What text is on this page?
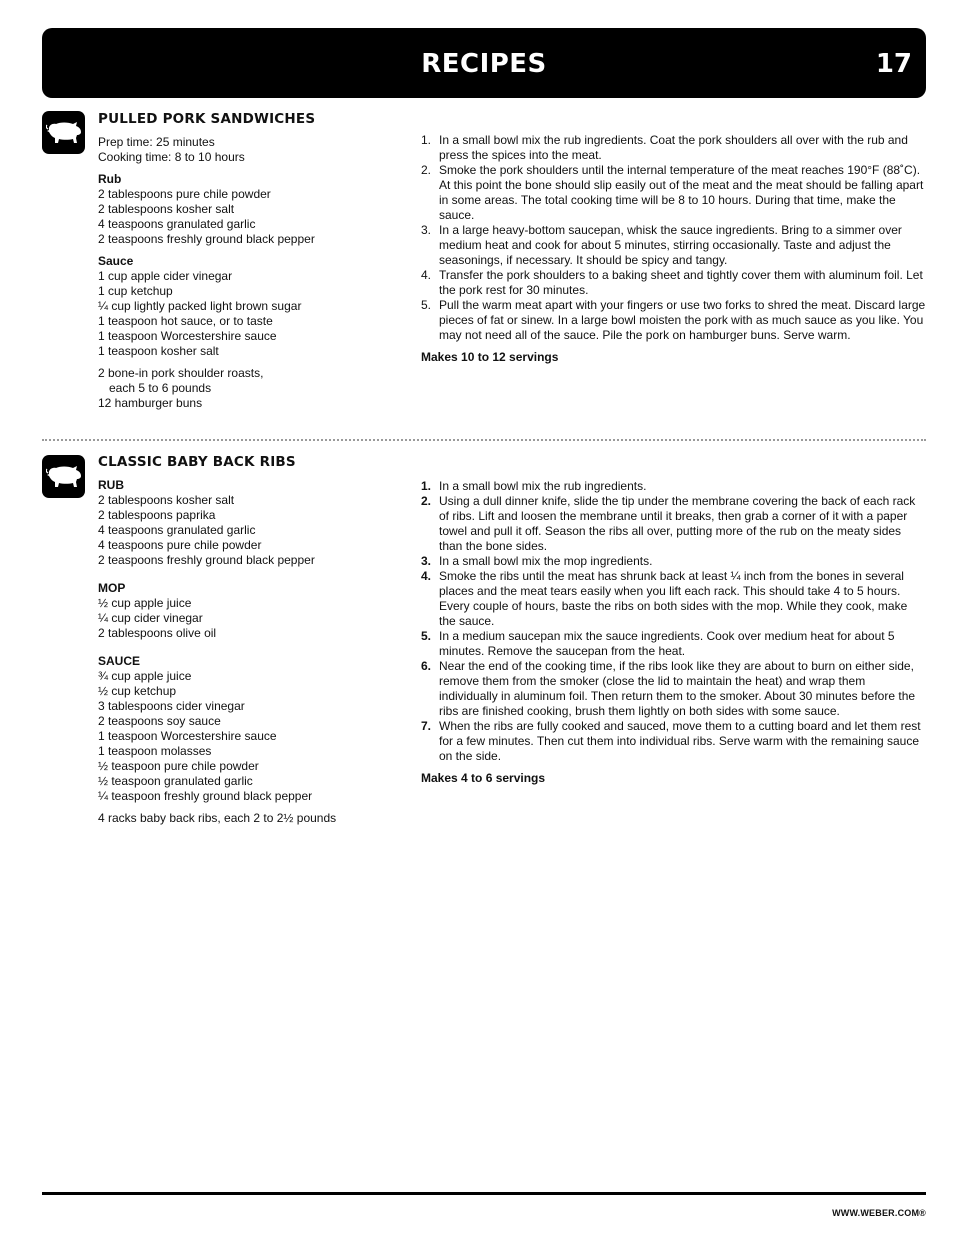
RECIPES	17
PULLED PORK SANDWICHES
Prep time: 25 minutes
Cooking time: 8 to 10 hours
Rub
2 tablespoons pure chile powder
2 tablespoons kosher salt
4 teaspoons granulated garlic
2 teaspoons freshly ground black pepper
Sauce
1 cup apple cider vinegar
1 cup ketchup
¼ cup lightly packed light brown sugar
1 teaspoon hot sauce, or to taste
1 teaspoon Worcestershire sauce
1 teaspoon kosher salt
2 bone-in pork shoulder roasts,
each 5 to 6 pounds
12 hamburger buns
1. In a small bowl mix the rub ingredients. Coat the pork shoulders all over with the rub and press the spices into the meat.
2. Smoke the pork shoulders until the internal temperature of the meat reaches 190°F (88˚C). At this point the bone should slip easily out of the meat and the meat should be falling apart in some areas. The total cooking time will be 8 to 10 hours. During that time, make the sauce.
3. In a large heavy-bottom saucepan, whisk the sauce ingredients. Bring to a simmer over medium heat and cook for about 5 minutes, stirring occasionally. Taste and adjust the seasonings, if necessary. It should be spicy and tangy.
4. Transfer the pork shoulders to a baking sheet and tightly cover them with aluminum foil. Let the pork rest for 30 minutes.
5. Pull the warm meat apart with your fingers or use two forks to shred the meat. Discard large pieces of fat or sinew. In a large bowl moisten the pork with as much sauce as you like. You may not need all of the sauce. Pile the pork on hamburger buns. Serve warm.
Makes 10 to 12 servings
CLASSIC BABY BACK RIBS
RUB
2 tablespoons kosher salt
2 tablespoons paprika
4 teaspoons granulated garlic
4 teaspoons pure chile powder
2 teaspoons freshly ground black pepper
MOP
½ cup apple juice
¼ cup cider vinegar
2 tablespoons olive oil
SAUCE
¾ cup apple juice
½ cup ketchup
3 tablespoons cider vinegar
2 teaspoons soy sauce
1 teaspoon Worcestershire sauce
1 teaspoon molasses
½ teaspoon pure chile powder
½ teaspoon granulated garlic
¼ teaspoon freshly ground black pepper
4 racks baby back ribs, each 2 to 2½ pounds
1. In a small bowl mix the rub ingredients.
2. Using a dull dinner knife, slide the tip under the membrane covering the back of each rack of ribs. Lift and loosen the membrane until it breaks, then grab a corner of it with a paper towel and pull it off. Season the ribs all over, putting more of the rub on the meaty sides than the bone sides.
3. In a small bowl mix the mop ingredients.
4. Smoke the ribs until the meat has shrunk back at least ¼ inch from the bones in several places and the meat tears easily when you lift each rack. This should take 4 to 5 hours. Every couple of hours, baste the ribs on both sides with the mop. While they cook, make the sauce.
5. In a medium saucepan mix the sauce ingredients. Cook over medium heat for about 5 minutes. Remove the saucepan from the heat.
6. Near the end of the cooking time, if the ribs look like they are about to burn on either side, remove them from the smoker (close the lid to maintain the heat) and wrap them individually in aluminum foil. Then return them to the smoker. About 30 minutes before the ribs are finished cooking, brush them lightly on both sides with some sauce.
7. When the ribs are fully cooked and sauced, move them to a cutting board and let them rest for a few minutes. Then cut them into individual ribs. Serve warm with the remaining sauce on the side.
Makes 4 to 6 servings
WWW.WEBER.COM®
